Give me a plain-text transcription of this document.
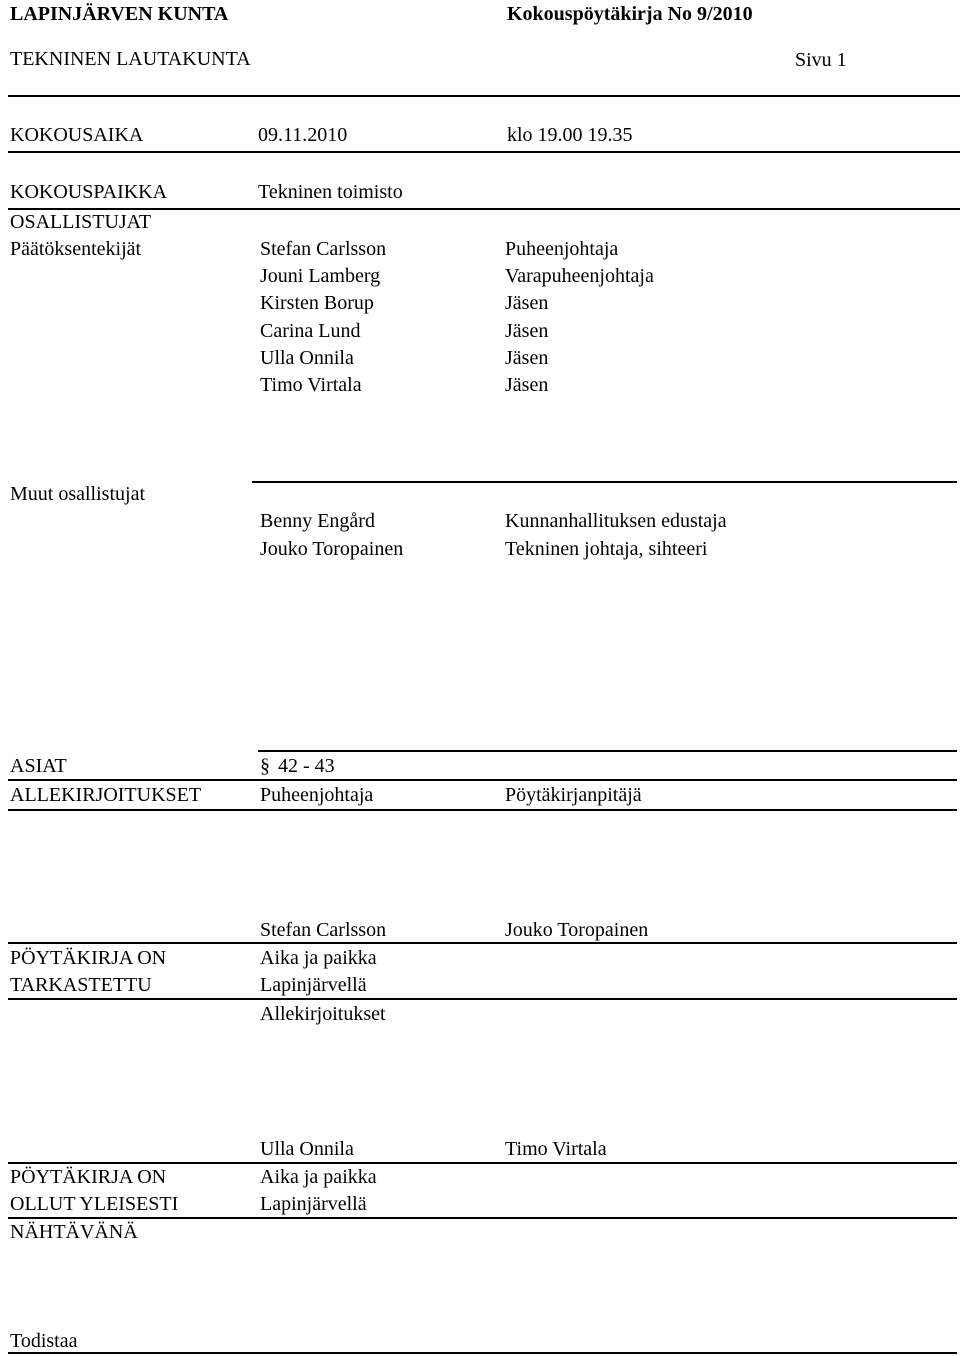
LAPINJÄRVEN KUNTA	Kokouspöytäkirja No 9/2010
TEKNINEN LAUTAKUNTA	Sivu 1
KOKOUSAIKA	09.11.2010	klo 19.00 19.35
KOKOUSPAIKKA	Tekninen toimisto
OSALLISTUJAT
Päätöksentekijät	Stefan Carlsson	Puheenjohtaja
Jouni Lamberg	Varapuheenjohtaja
Kirsten Borup	Jäsen
Carina Lund	Jäsen
Ulla Onnila	Jäsen
Timo Virtala	Jäsen
Muut osallistujat
Benny Engård	Kunnanhallituksen edustaja
Jouko Toropainen	Tekninen johtaja, sihteeri
ASIAT	§ 42 - 43
ALLEKIRJOITUKSET	Puheenjohtaja	Pöytäkirjanpitäjä
Stefan Carlsson	Jouko Toropainen
PÖYTÄKIRJA ON
TARKASTETTU
Aika ja paikka
Lapinjärvellä
Allekirjoitukset
Ulla Onnila	Timo Virtala
PÖYTÄKIRJA ON
OLLUT YLEISESTI
NÄHTÄVÄNÄ
Aika ja paikka
Lapinjärvellä
Todistaa
